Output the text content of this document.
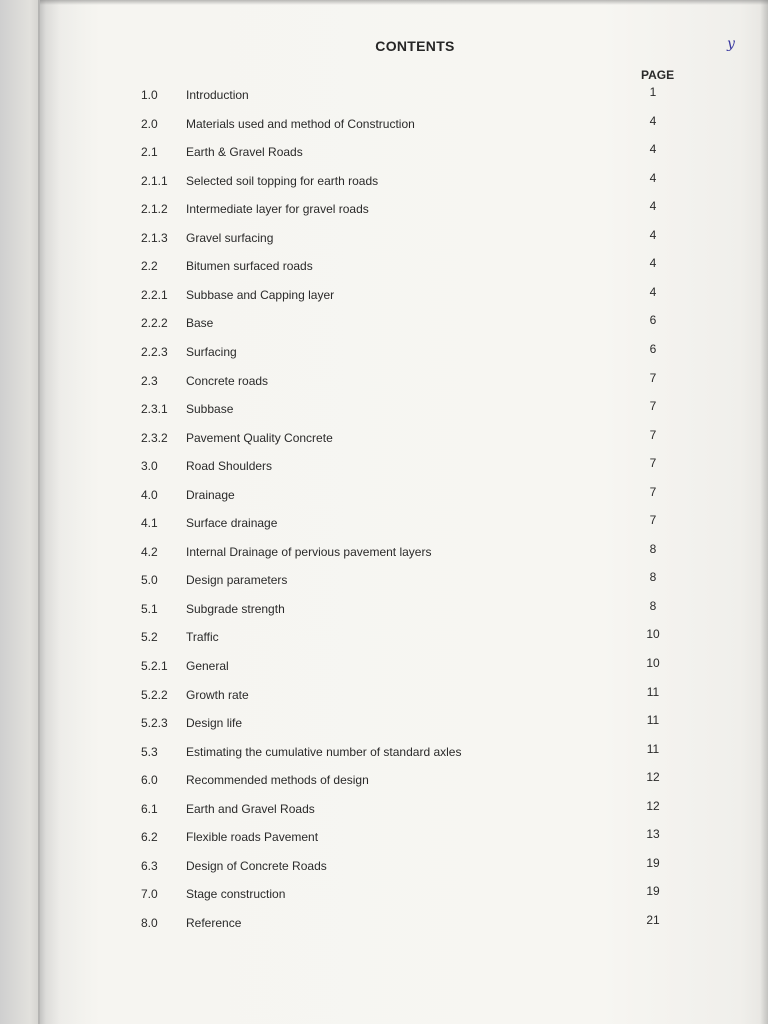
CONTENTS	y
PAGE
1.0 Introduction	1
2.0 Materials used and method of Construction	4
2.1 Earth & Gravel Roads	4
2.1.1 Selected soil topping for earth roads	4
2.1.2 Intermediate layer for gravel roads	4
2.1.3 Gravel surfacing	4
2.2 Bitumen surfaced roads	4
2.2.1 Subbase and Capping layer	4
2.2.2 Base	6
2.2.3 Surfacing	6
2.3 Concrete roads	7
2.3.1 Subbase	7
2.3.2 Pavement Quality Concrete	7
3.0 Road Shoulders	7
4.0 Drainage	7
4.1 Surface drainage	7
4.2 Internal Drainage of pervious pavement layers	8
5.0 Design parameters	8
5.1 Subgrade strength	8
5.2 Traffic	10
5.2.1 General	10
5.2.2 Growth rate	11
5.2.3 Design life	11
5.3 Estimating the cumulative number of standard axles	11
6.0 Recommended methods of design	12
6.1 Earth and Gravel Roads	12
6.2 Flexible roads Pavement	13
6.3 Design of Concrete Roads	19
7.0 Stage construction	19
8.0 Reference	21
